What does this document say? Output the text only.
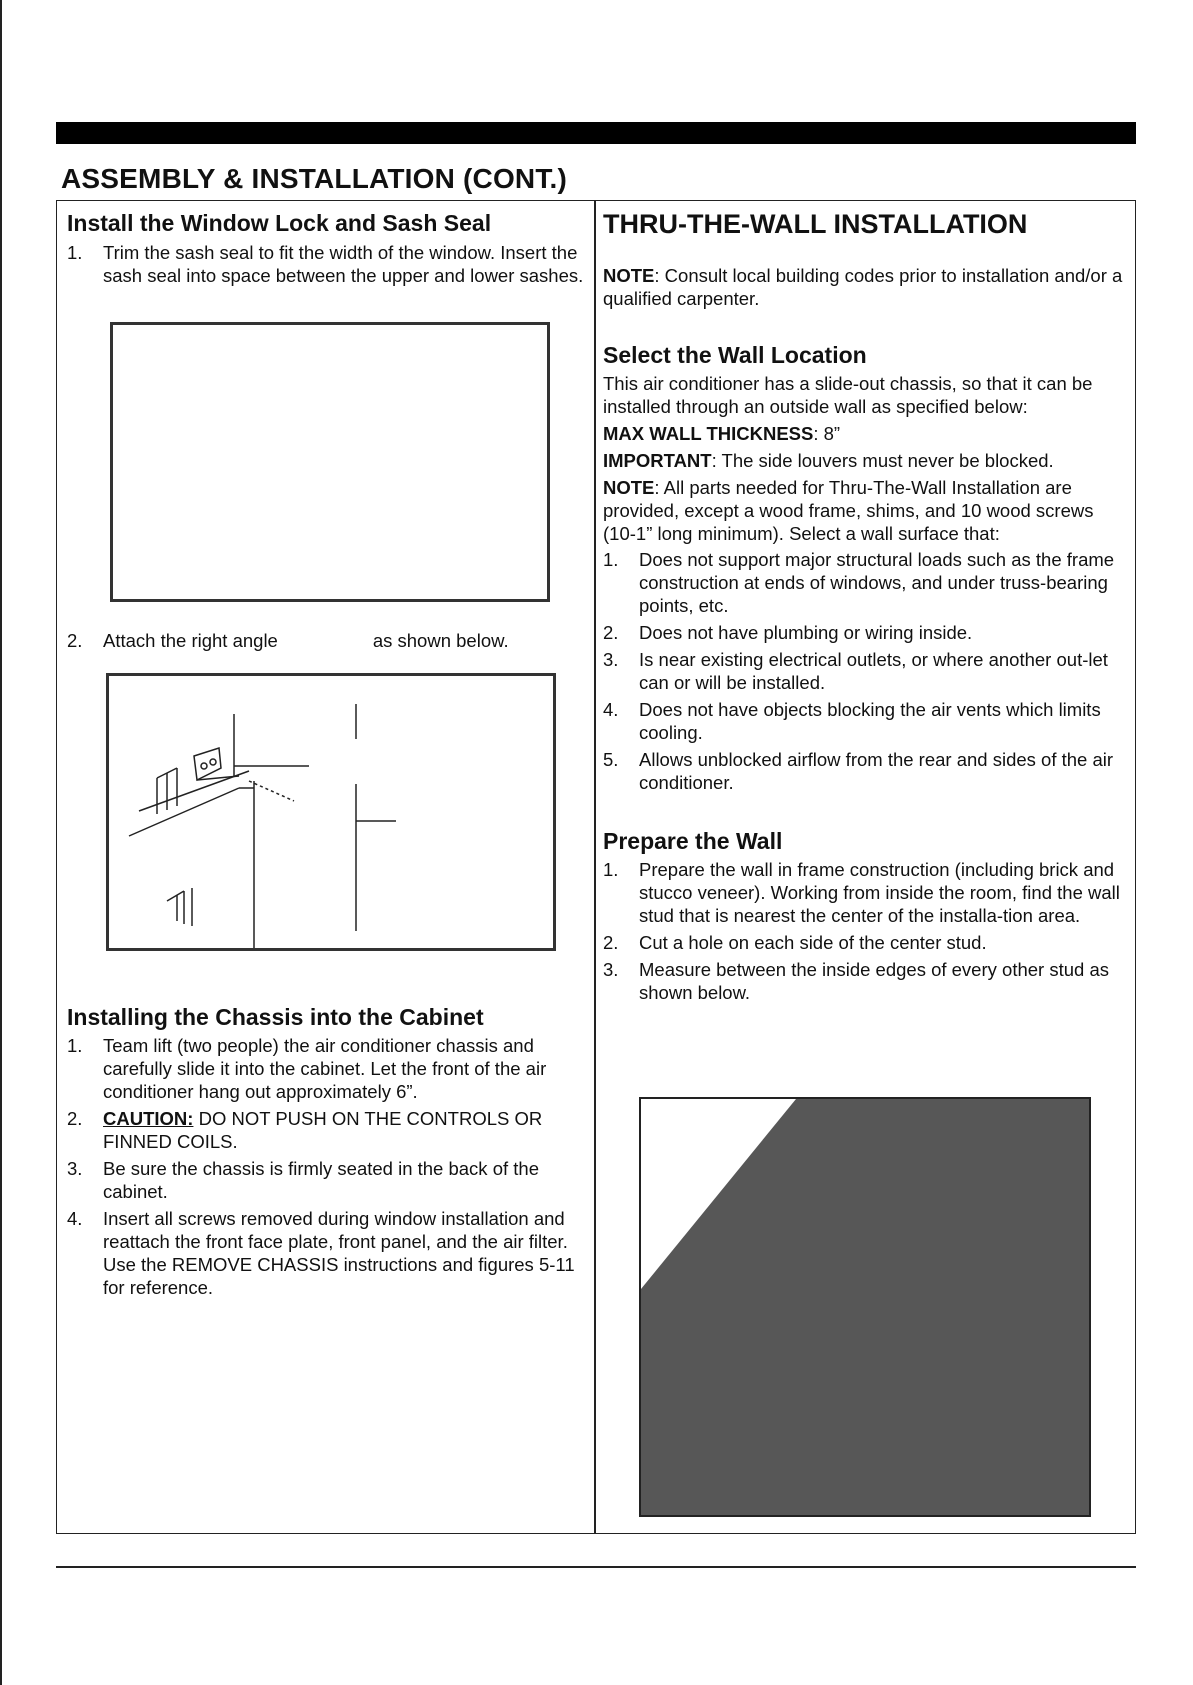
ASSEMBLY & INSTALLATION (CONT.)
Install the Window Lock and Sash Seal
1. Trim the sash seal to fit the width of the window. Insert the sash seal into space between the upper and lower sashes.
2. Attach the right angle	as shown below.
Installing the Chassis into the Cabinet
1. Team lift (two people) the air conditioner chassis and carefully slide it into the cabinet. Let the front of the air conditioner hang out approximately 6”.
2. CAUTION: DO NOT PUSH ON THE CONTROLS OR FINNED COILS.
3. Be sure the chassis is firmly seated in the back of the cabinet.
4. Insert all screws removed during window installation and reattach the front face plate, front panel, and the air filter. Use the REMOVE CHASSIS instructions and figures 5-11 for reference.
THRU-THE-WALL INSTALLATION

NOTE: Consult local building codes prior to installation and/or a qualified carpenter.

Select the Wall Location

This air conditioner has a slide-out chassis, so that it can be installed through an outside wall as specified below:

MAX WALL THICKNESS: 8”

IMPORTANT: The side louvers must never be blocked.

NOTE: All parts needed for Thru-The-Wall Installation are provided, except a wood frame, shims, and 10 wood screws (10-1” long minimum). Select a wall surface that:

1. Does not support major structural loads such as the frame construction at ends of windows, and under truss-bearing points, etc.
2. Does not have plumbing or wiring inside.
3. Is near existing electrical outlets, or where another out-let can or will be installed.
4. Does not have objects blocking the air vents which limits cooling.
5. Allows unblocked airflow from the rear and sides of the air conditioner.
Prepare the Wall
1. Prepare the wall in frame construction (including brick and stucco veneer). Working from inside the room, find the wall stud that is nearest the center of the installa-tion area.
2. Cut a hole on each side of the center stud.
3. Measure between the inside edges of every other stud as shown below.
